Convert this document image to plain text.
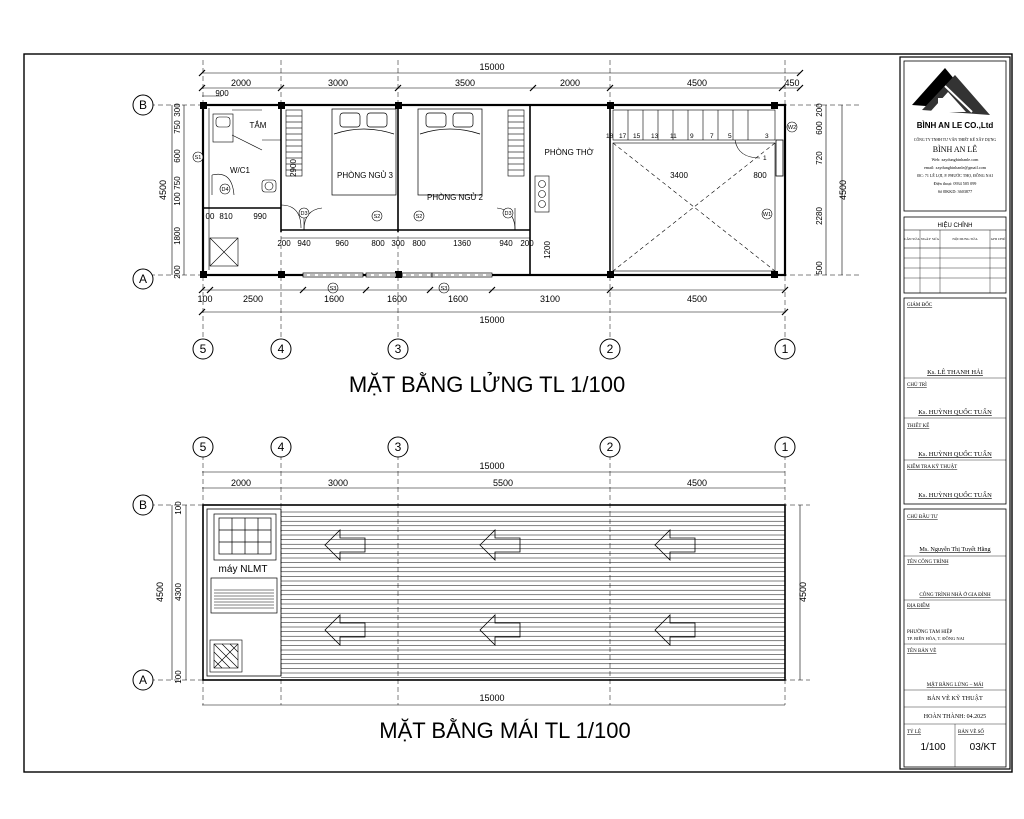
15000
2000	3000	3500	2000	4500	450
900
18 17 15 13 11 9	7 5	3
1
TẮM
W/C1
PHÒNG NGỦ 3
PHÒNG NGỦ 2
PHÒNG THỜ
2900
1200
3400	800
200 940	960	800 300 800	1360	940 200
00 810	990
S1
D4
D3	S2	S2	D3
S3	S3
W1
W2
4500
300
750
600
750
100
1800
200
200
600
720
2280
500
4500
100	2500	1600	1600	1600	3100	4500
15000
5	4	3	2	1
B
A
MẶT BẰNG LỬNG TL 1/100
5	4	3	2	1
B
A
15000
2000	3000	5500	4500
máy NLMT
4500
100
4300
100
4500
15000
MẶT BẰNG MÁI TL 1/100
BÌNH AN LE CO.,Ltd
CÔNG TY TNHH TƯ VẤN THIẾT KẾ XÂY DỰNG
BÌNH AN LÊ
Web: xaydungbinhanle.com
email: xaydungbinhanle@gmail.com
ĐC: 71 LÊ LỢI, P. PHƯỚC THỌ, ĐỒNG NAI
Điện thoại: 0934 505 099
Số ĐKKD: 3603877
HIỆU CHỈNH
LẦN SỬA NGÀY SỬA	NỘI DUNG SỬA	GHI CHÚ
GIÁM ĐỐC
Ks. LÊ THANH HẢI
CHỦ TRÌ
Ks. HUỲNH QUỐC TUẤN
THIẾT KẾ
Ks. HUỲNH QUỐC TUẤN
KIỂM TRA KỸ THUẬT
Ks. HUỲNH QUỐC TUẤN
CHỦ ĐẦU TƯ
Ms. Nguyễn Thị Tuyết Hằng
TÊN CÔNG TRÌNH
CÔNG TRÌNH NHÀ Ở GIA ĐÌNH
ĐỊA ĐIỂM
PHƯỜNG TAM HIỆP
TP. BIÊN HÒA, T. ĐỒNG NAI
TÊN BẢN VẼ
MẶT BẰNG LỬNG – MÁI
BẢN VẼ KỸ THUẬT
HOÀN THÀNH: 04.2025
TỶ LỆ	BẢN VẼ SỐ
1/100 03/KT
